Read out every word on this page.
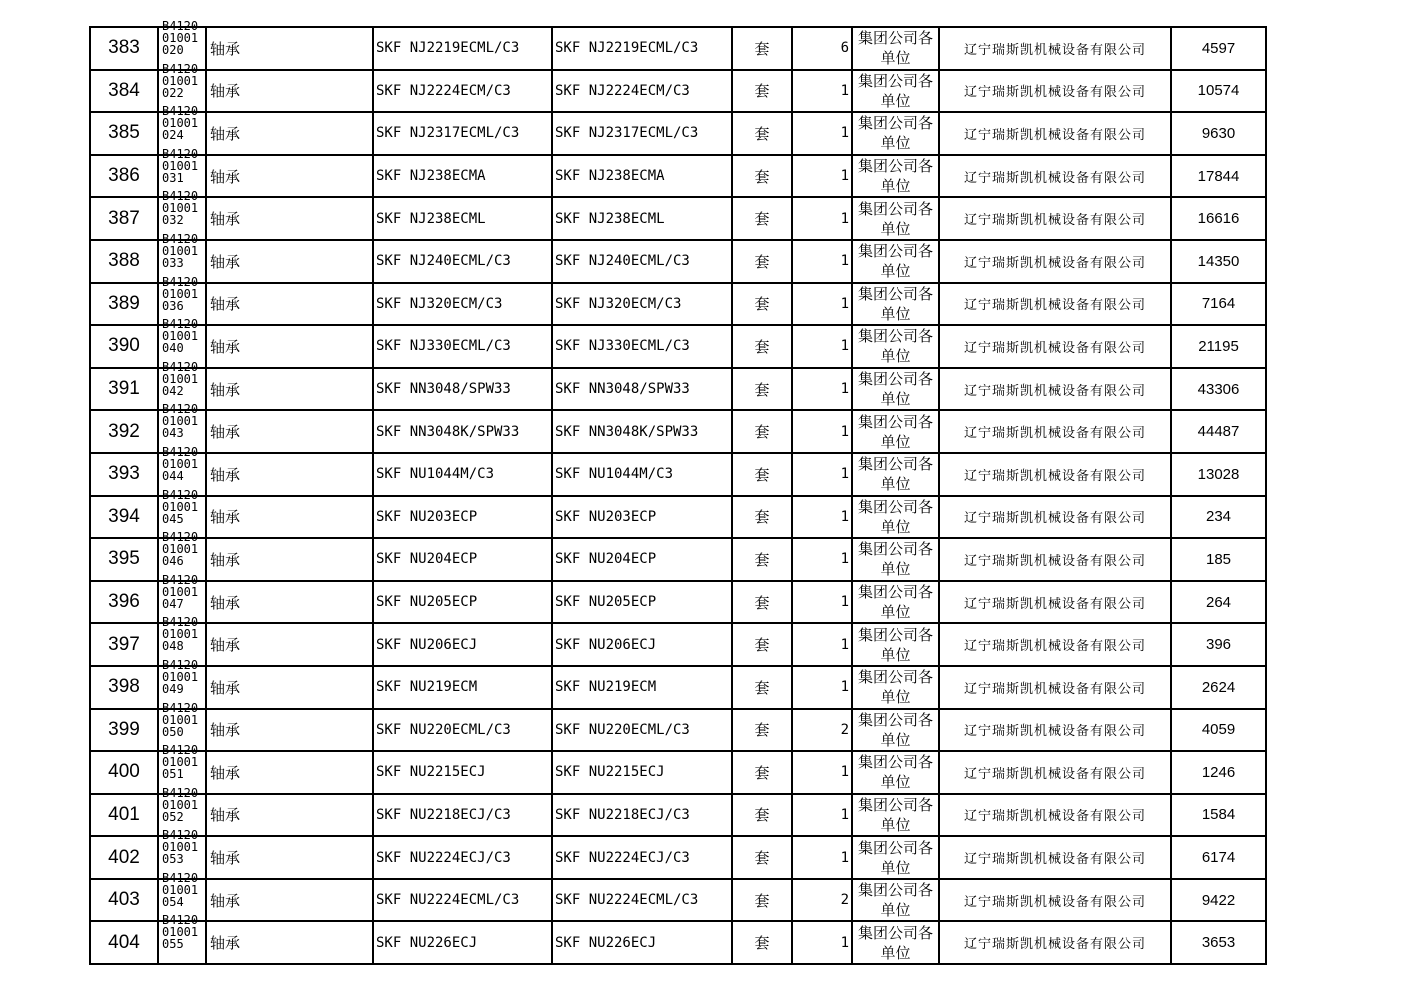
383	B4120 01001 020	轴承	SKF NJ2219ECML/C3	SKF NJ2219ECML/C3	套	6	集团公司各单位	辽宁瑞斯凯机械设备有限公司	4597
384	B4120 01001 022	轴承	SKF NJ2224ECM/C3	SKF NJ2224ECM/C3	套	1	集团公司各单位	辽宁瑞斯凯机械设备有限公司	10574
385	B4120 01001 024	轴承	SKF NJ2317ECML/C3	SKF NJ2317ECML/C3	套	1	集团公司各单位	辽宁瑞斯凯机械设备有限公司	9630
386	B4120 01001 031	轴承	SKF NJ238ECMA	SKF NJ238ECMA	套	1	集团公司各单位	辽宁瑞斯凯机械设备有限公司	17844
387	B4120 01001 032	轴承	SKF NJ238ECML	SKF NJ238ECML	套	1	集团公司各单位	辽宁瑞斯凯机械设备有限公司	16616
388	B4120 01001 033	轴承	SKF NJ240ECML/C3	SKF NJ240ECML/C3	套	1	集团公司各单位	辽宁瑞斯凯机械设备有限公司	14350
389	B4120 01001 036	轴承	SKF NJ320ECM/C3	SKF NJ320ECM/C3	套	1	集团公司各单位	辽宁瑞斯凯机械设备有限公司	7164
390	B4120 01001 040	轴承	SKF NJ330ECML/C3	SKF NJ330ECML/C3	套	1	集团公司各单位	辽宁瑞斯凯机械设备有限公司	21195
391	B4120 01001 042	轴承	SKF NN3048/SPW33	SKF NN3048/SPW33	套	1	集团公司各单位	辽宁瑞斯凯机械设备有限公司	43306
392	B4120 01001 043	轴承	SKF NN3048K/SPW33	SKF NN3048K/SPW33	套	1	集团公司各单位	辽宁瑞斯凯机械设备有限公司	44487
393	B4120 01001 044	轴承	SKF NU1044M/C3	SKF NU1044M/C3	套	1	集团公司各单位	辽宁瑞斯凯机械设备有限公司	13028
394	B4120 01001 045	轴承	SKF NU203ECP	SKF NU203ECP	套	1	集团公司各单位	辽宁瑞斯凯机械设备有限公司	234
395	B4120 01001 046	轴承	SKF NU204ECP	SKF NU204ECP	套	1	集团公司各单位	辽宁瑞斯凯机械设备有限公司	185
396	B4120 01001 047	轴承	SKF NU205ECP	SKF NU205ECP	套	1	集团公司各单位	辽宁瑞斯凯机械设备有限公司	264
397	B4120 01001 048	轴承	SKF NU206ECJ	SKF NU206ECJ	套	1	集团公司各单位	辽宁瑞斯凯机械设备有限公司	396
398	B4120 01001 049	轴承	SKF NU219ECM	SKF NU219ECM	套	1	集团公司各单位	辽宁瑞斯凯机械设备有限公司	2624
399	B4120 01001 050	轴承	SKF NU220ECML/C3	SKF NU220ECML/C3	套	2	集团公司各单位	辽宁瑞斯凯机械设备有限公司	4059
400	B4120 01001 051	轴承	SKF NU2215ECJ	SKF NU2215ECJ	套	1	集团公司各单位	辽宁瑞斯凯机械设备有限公司	1246
401	B4120 01001 052	轴承	SKF NU2218ECJ/C3	SKF NU2218ECJ/C3	套	1	集团公司各单位	辽宁瑞斯凯机械设备有限公司	1584
402	B4120 01001 053	轴承	SKF NU2224ECJ/C3	SKF NU2224ECJ/C3	套	1	集团公司各单位	辽宁瑞斯凯机械设备有限公司	6174
403	B4120 01001 054	轴承	SKF NU2224ECML/C3	SKF NU2224ECML/C3	套	2	集团公司各单位	辽宁瑞斯凯机械设备有限公司	9422
404	B4120 01001 055	轴承	SKF NU226ECJ	SKF NU226ECJ	套	1	集团公司各单位	辽宁瑞斯凯机械设备有限公司	3653
